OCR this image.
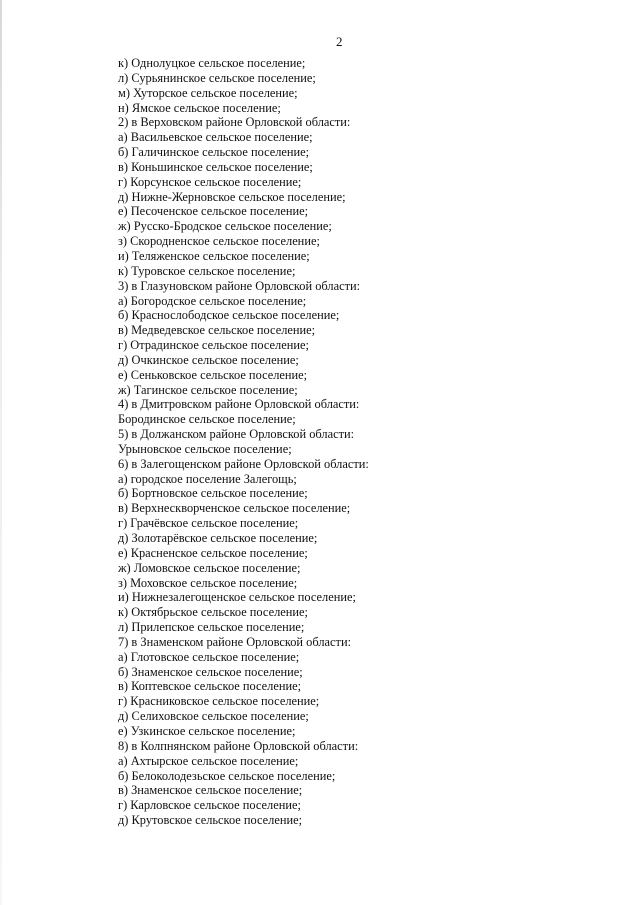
2
к) Однолуцкое сельское поселение;
л) Сурьянинское сельское поселение;
м) Хуторское сельское поселение;
н) Ямское сельское поселение;
2) в Верховском районе Орловской области:
а) Васильевское сельское поселение;
б) Галичинское сельское поселение;
в) Коньшинское сельское поселение;
г) Корсунское сельское поселение;
д) Нижне-Жерновское сельское поселение;
е) Песоченское сельское поселение;
ж) Русско-Бродское сельское поселение;
з) Скородненское сельское поселение;
и) Теляженское сельское поселение;
к) Туровское сельское поселение;
3) в Глазуновском районе Орловской области:
а) Богородское сельское поселение;
б) Краснослободское сельское поселение;
в) Медведевское сельское поселение;
г) Отрадинское сельское поселение;
д) Очкинское сельское поселение;
е) Сеньковское сельское поселение;
ж) Тагинское сельское поселение;
4) в Дмитровском районе Орловской области:
Бородинское сельское поселение;
5) в Должанском районе Орловской области:
Урыновское сельское поселение;
6) в Залегощенском районе Орловской области:
а) городское поселение Залегощь;
б) Бортновское сельское поселение;
в) Верхнескворченское сельское поселение;
г) Грачёвское сельское поселение;
д) Золотарёвское сельское поселение;
е) Красненское сельское поселение;
ж) Ломовское сельское поселение;
з) Моховское сельское поселение;
и) Нижнезалегощенское сельское поселение;
к) Октябрьское сельское поселение;
л) Прилепское сельское поселение;
7) в Знаменском районе Орловской области:
а) Глотовское сельское поселение;
б) Знаменское сельское поселение;
в) Коптевское сельское поселение;
г) Красниковское сельское поселение;
д) Селиховское сельское поселение;
е) Узкинское сельское поселение;
8) в Колпнянском районе Орловской области:
а) Ахтырское сельское поселение;
б) Белоколодезьское сельское поселение;
в) Знаменское сельское поселение;
г) Карловское сельское поселение;
д) Крутовское сельское поселение;
